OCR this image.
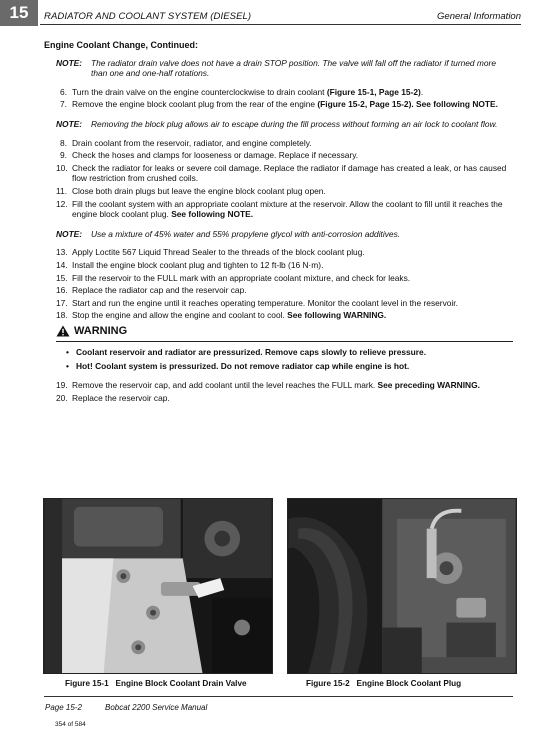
15	RADIATOR AND COOLANT SYSTEM (DIESEL)	General Information
Engine Coolant Change, Continued:
NOTE:	The radiator drain valve does not have a drain STOP position. The valve will fall off the radiator if turned more than one and one-half rotations.
6. Turn the drain valve on the engine counterclockwise to drain coolant (Figure 15-1, Page 15-2).
7. Remove the engine block coolant plug from the rear of the engine (Figure 15-2, Page 15-2). See following NOTE.
NOTE:	Removing the block plug allows air to escape during the fill process without forming an air lock to coolant flow.
8. Drain coolant from the reservoir, radiator, and engine completely.
9. Check the hoses and clamps for looseness or damage. Replace if necessary.
10. Check the radiator for leaks or severe coil damage. Replace the radiator if damage has created a leak, or has caused flow restriction from crushed coils.
11. Close both drain plugs but leave the engine block coolant plug open.
12. Fill the coolant system with an appropriate coolant mixture at the reservoir. Allow the coolant to fill until it reaches the engine block coolant plug. See following NOTE.
NOTE:	Use a mixture of 45% water and 55% propylene glycol with anti-corrosion additives.
13. Apply Loctite 567 Liquid Thread Sealer to the threads of the block coolant plug.
14. Install the engine block coolant plug and tighten to 12 ft-lb (16 N·m).
15. Fill the reservoir to the FULL mark with an appropriate coolant mixture, and check for leaks.
16. Replace the radiator cap and the reservoir cap.
17. Start and run the engine until it reaches operating temperature. Monitor the coolant level in the reservoir.
18. Stop the engine and allow the engine and coolant to cool. See following WARNING.
WARNING
• Coolant reservoir and radiator are pressurized. Remove caps slowly to relieve pressure.
• Hot! Coolant system is pressurized. Do not remove radiator cap while engine is hot.
19. Remove the reservoir cap, and add coolant until the level reaches the FULL mark. See preceding WARNING.
20. Replace the reservoir cap.
Figure 15-1 Engine Block Coolant Drain Valve	Figure 15-2 Engine Block Coolant Plug
Page 15-2	Bobcat 2200 Service Manual
354 of 584
